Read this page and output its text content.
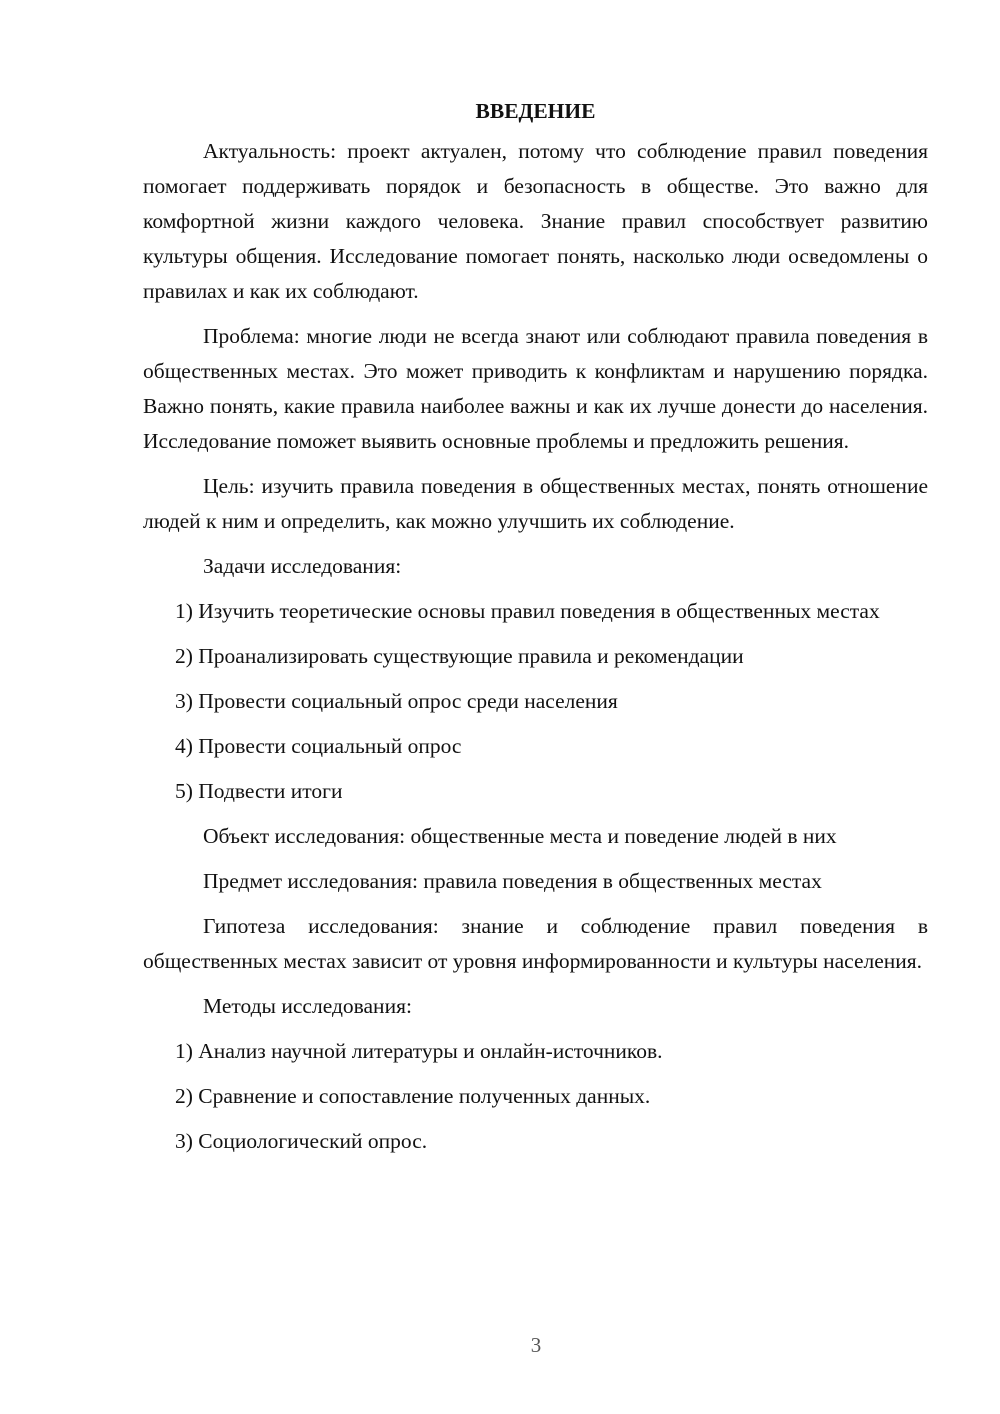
ВВЕДЕНИЕ

Актуальность: проект актуален, потому что соблюдение правил поведения помогает поддерживать порядок и безопасность в обществе. Это важно для комфортной жизни каждого человека. Знание правил способствует развитию культуры общения. Исследование помогает понять, насколько люди осведомлены о правилах и как их соблюдают.

Проблема: многие люди не всегда знают или соблюдают правила поведения в общественных местах. Это может приводить к конфликтам и нарушению порядка. Важно понять, какие правила наиболее важны и как их лучше донести до населения. Исследование поможет выявить основные проблемы и предложить решения.

Цель: изучить правила поведения в общественных местах, понять отношение людей к ним и определить, как можно улучшить их соблюдение.

Задачи исследования:

1) Изучить теоретические основы правил поведения в общественных местах

2) Проанализировать существующие правила и рекомендации

3) Провести социальный опрос среди населения

4) Провести социальный опрос

5) Подвести итоги

Объект исследования: общественные места и поведение людей в них

Предмет исследования: правила поведения в общественных местах

Гипотеза исследования: знание и соблюдение правил поведения в общественных местах зависит от уровня информированности и культуры населения.

Методы исследования:

1) Анализ научной литературы и онлайн-источников.

2) Сравнение и сопоставление полученных данных.

3) Социологический опрос.

3
